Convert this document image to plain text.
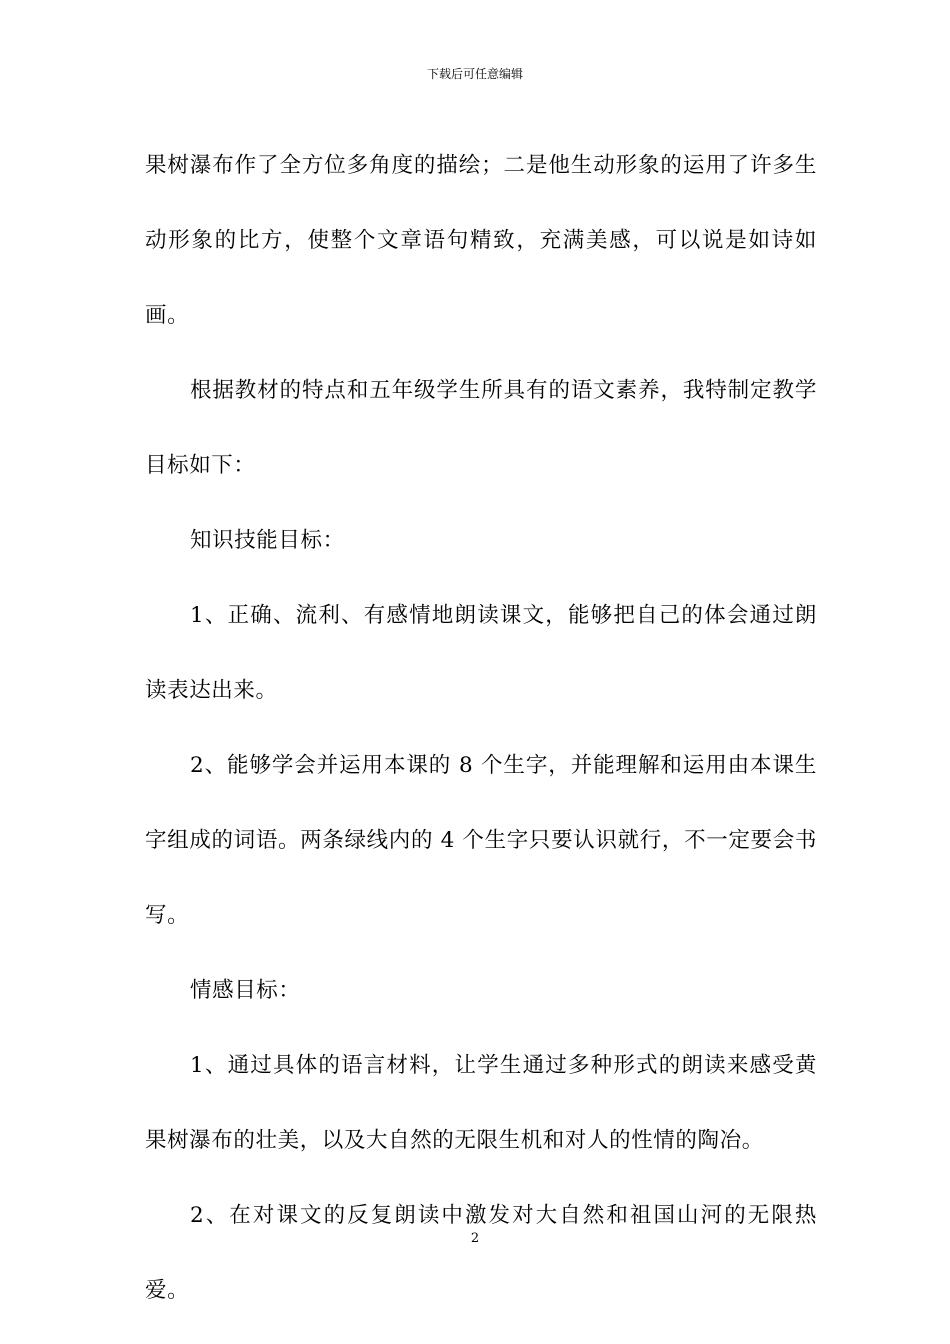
下载后可任意编辑

果树瀑布作了全方位多角度的描绘；二是他生动形象的运用了许多生动形象的比方，使整个文章语句精致，充满美感，可以说是如诗如画。

根据教材的特点和五年级学生所具有的语文素养，我特制定教学目标如下：

知识技能目标：

1、正确、流利、有感情地朗读课文，能够把自己的体会通过朗读表达出来。

2、能够学会并运用本课的 8 个生字，并能理解和运用由本课生字组成的词语。两条绿线内的 4 个生字只要认识就行，不一定要会书写。

情感目标：

1、通过具体的语言材料，让学生通过多种形式的朗读来感受黄果树瀑布的壮美，以及大自然的无限生机和对人的性情的陶冶。

2、在对课文的反复朗读中激发对大自然和祖国山河的无限热爱。

2
